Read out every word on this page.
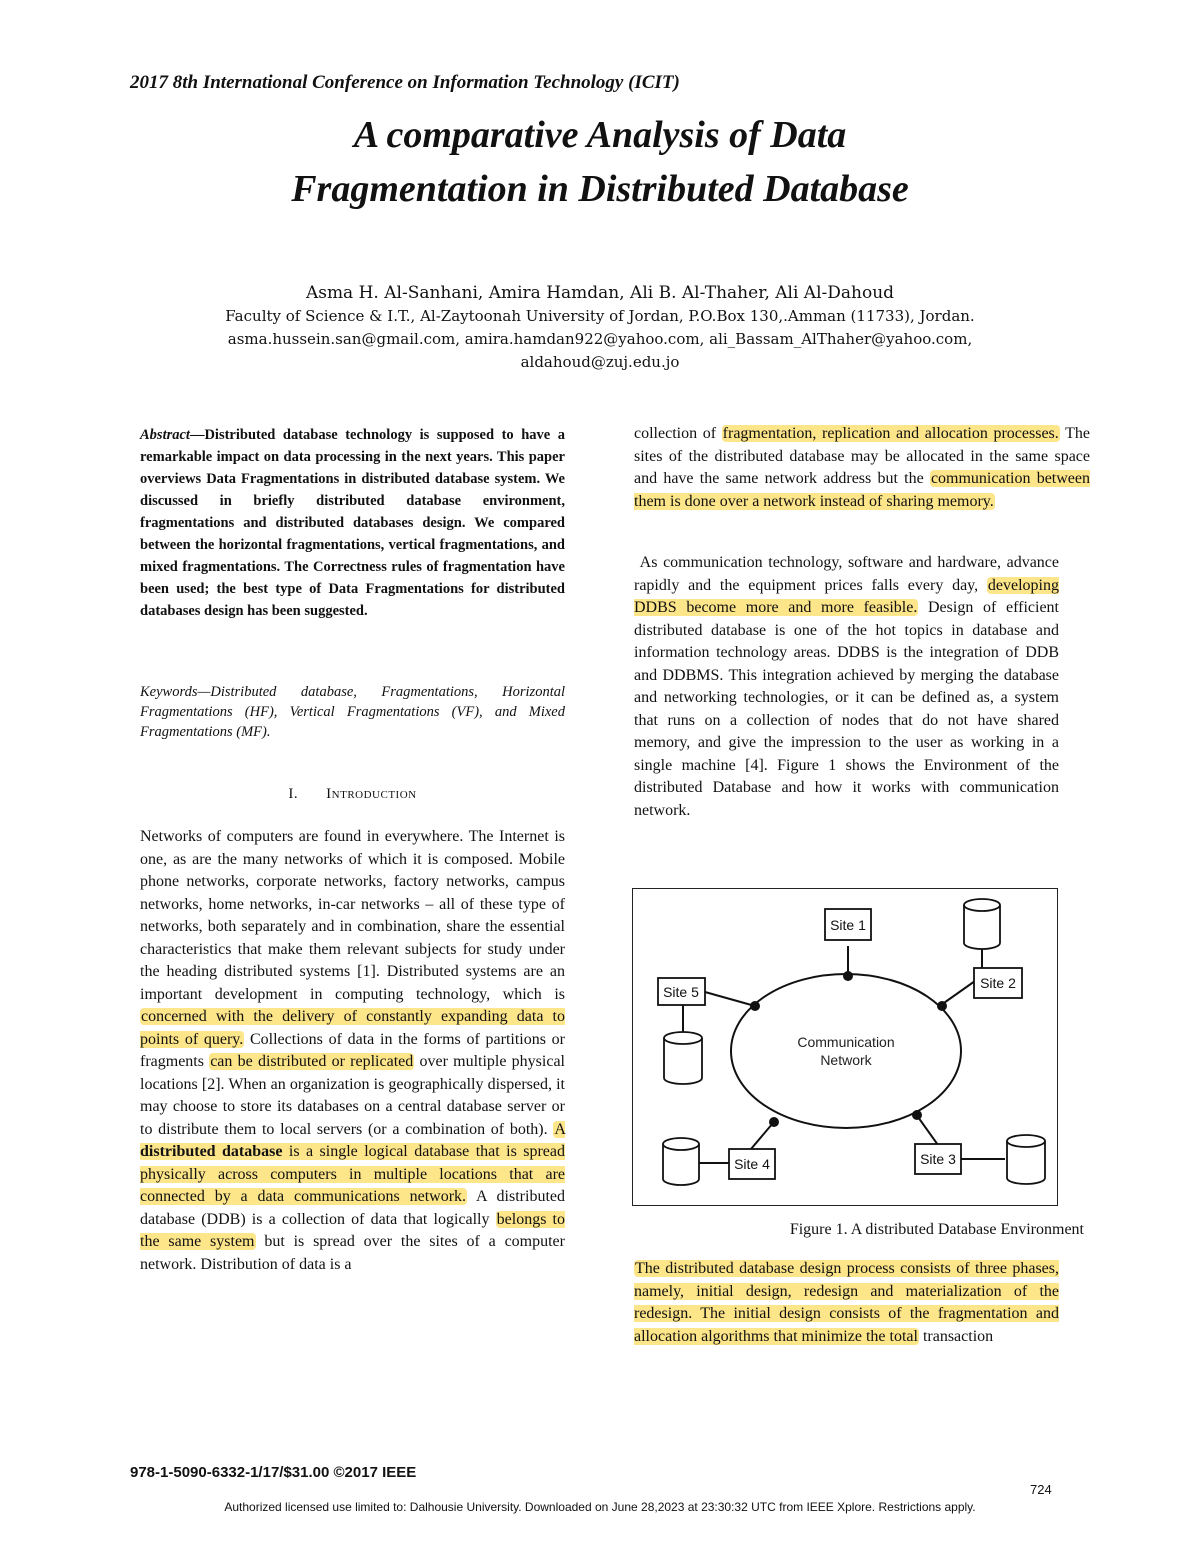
2017 8th International Conference on Information Technology (ICIT)
A comparative Analysis of Data
Fragmentation in Distributed Database
Asma H. Al-Sanhani, Amira Hamdan, Ali B. Al-Thaher, Ali Al-Dahoud
Faculty of Science & I.T., Al-Zaytoonah University of Jordan, P.O.Box 130,.Amman (11733), Jordan.
asma.hussein.san@gmail.com, amira.hamdan922@yahoo.com, ali_Bassam_AlThaher@yahoo.com,
aldahoud@zuj.edu.jo
Abstract—Distributed database technology is supposed to have a remarkable impact on data processing in the next years. This paper overviews Data Fragmentations in distributed database system. We discussed in briefly distributed database environment, fragmentations and distributed databases design. We compared between the horizontal fragmentations, vertical fragmentations, and mixed fragmentations. The Correctness rules of fragmentation have been used; the best type of Data Fragmentations for distributed databases design has been suggested.
Keywords—Distributed database, Fragmentations, Horizontal Fragmentations (HF), Vertical Fragmentations (VF), and Mixed Fragmentations (MF).
I. Introduction
Networks of computers are found in everywhere. The Internet is one, as are the many networks of which it is composed. Mobile phone networks, corporate networks, factory networks, campus networks, home networks, in-car networks – all of these type of networks, both separately and in combination, share the essential characteristics that make them relevant subjects for study under the heading distributed systems [1]. Distributed systems are an important development in computing technology, which is concerned with the delivery of constantly expanding data to points of query. Collections of data in the forms of partitions or fragments can be distributed or replicated over multiple physical locations [2]. When an organization is geographically dispersed, it may choose to store its databases on a central database server or to distribute them to local servers (or a combination of both). A distributed database is a single logical database that is spread physically across computers in multiple locations that are connected by a data communications network. A distributed database (DDB) is a collection of data that logically belongs to the same system but is spread over the sites of a computer network. Distribution of data is a
collection of fragmentation, replication and allocation processes. The sites of the distributed database may be allocated in the same space and have the same network address but the communication between them is done over a network instead of sharing memory.
As communication technology, software and hardware, advance rapidly and the equipment prices falls every day, developing DDBS become more and more feasible. Design of efficient distributed database is one of the hot topics in database and information technology areas. DDBS is the integration of DDB and DDBMS. This integration achieved by merging the database and networking technologies, or it can be defined as, a system that runs on a collection of nodes that do not have shared memory, and give the impression to the user as working in a single machine [4]. Figure 1 shows the Environment of the distributed Database and how it works with communication network.
Communication
Network
Site 1
Site 2
Site 3
Site 4
Site 5
Figure 1. A distributed Database Environment
The distributed database design process consists of three phases, namely, initial design, redesign and materialization of the redesign. The initial design consists of the fragmentation and allocation algorithms that minimize the total transaction
978-1-5090-6332-1/17/$31.00 ©2017 IEEE
724
Authorized licensed use limited to: Dalhousie University. Downloaded on June 28,2023 at 23:30:32 UTC from IEEE Xplore. Restrictions apply.
